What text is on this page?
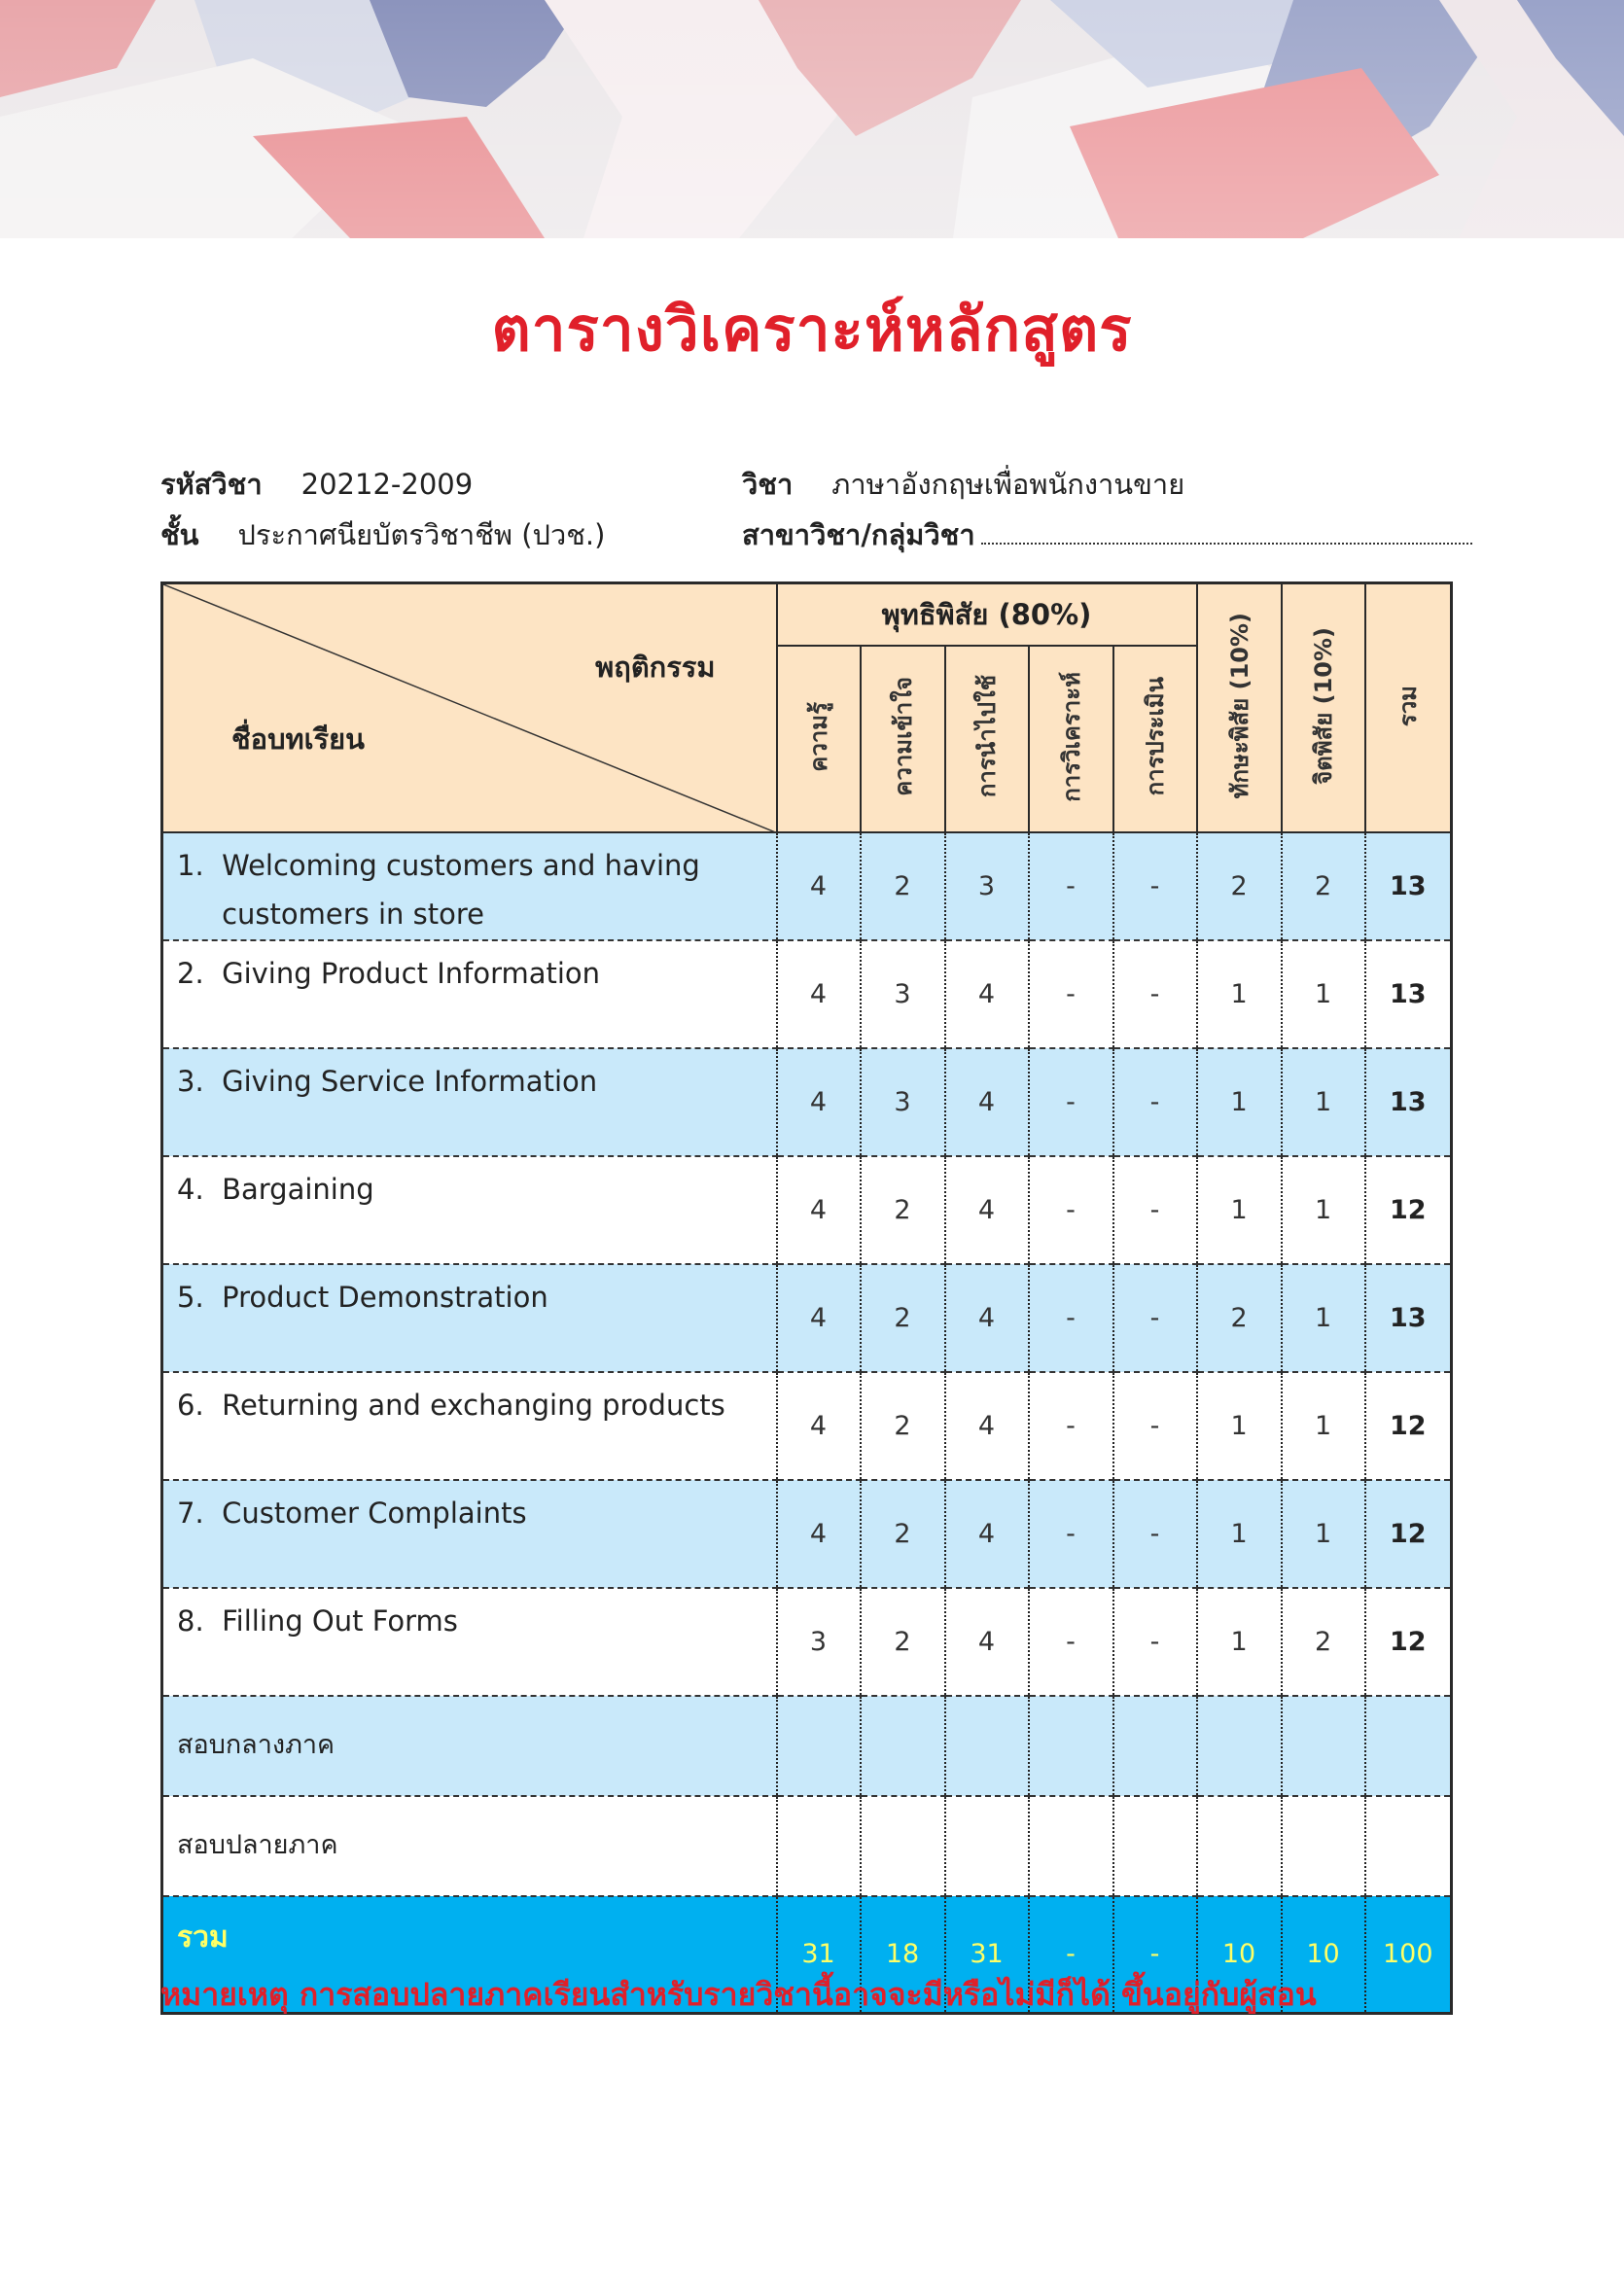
ตารางวิเคราะห์หลักสูตร
รหัสวิชา 20212-2009	วิชา ภาษาอังกฤษเพื่อพนักงานขาย
ชั้น ประกาศนียบัตรวิชาชีพ (ปวช.)	สาขาวิชา/กลุ่มวิชา
พฤติกรรม
ชื่อบทเรียน	พุทธิพิสัย (80%)					ทักษะพิสัย (10%)	จิตพิสัย (10%)	รวม
	ความรู้	ความเข้าใจ	การนำไปใช้	การวิเคราะห์	การประเมิน			

1.  Welcoming customers and having
customers in store	4	2	3	-	-	2	2	13

2.  Giving Product Information	4	3	4	-	-	1	1	13

3.  Giving Service Information	4	3	4	-	-	1	1	13

4.  Bargaining	4	2	4	-	-	1	1	12

5.  Product Demonstration	4	2	4	-	-	2	1	13

6.  Returning and exchanging products	4	2	4	-	-	1	1	12

7.  Customer Complaints	4	2	4	-	-	1	1	12

8.  Filling Out Forms	3	2	4	-	-	1	2	12

สอบกลางภาค								

สอบปลายภาค								

รวม	31	18	31	-	-	10	10	100
หมายเหตุ การสอบปลายภาคเรียนสำหรับรายวิชานี้อาจจะมีหรือไม่มีก็ได้ ขึ้นอยู่กับผู้สอน
